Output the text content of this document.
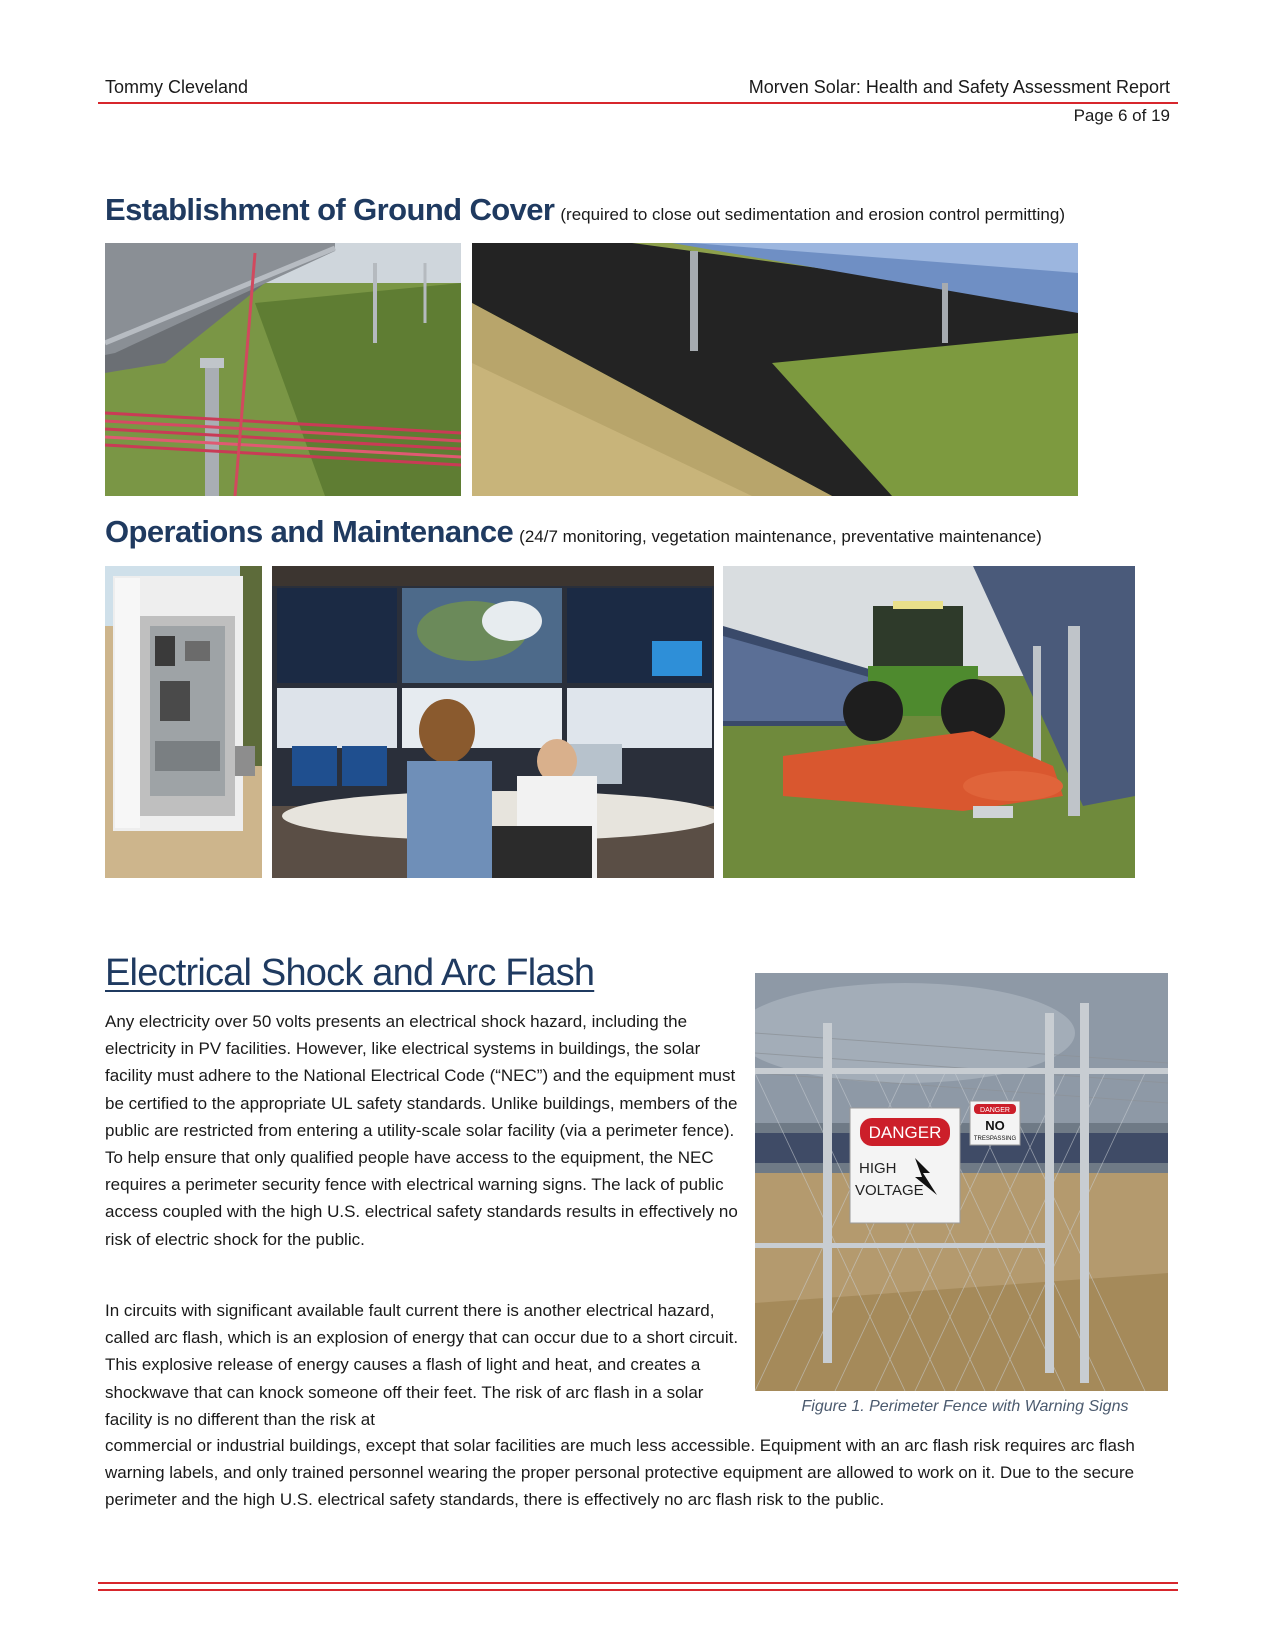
Tommy Cleveland	Morven Solar: Health and Safety Assessment Report
Page 6 of 19
Establishment of Ground Cover (required to close out sedimentation and erosion control permitting)
Operations and Maintenance (24/7 monitoring, vegetation maintenance, preventative maintenance)
Electrical Shock and Arc Flash

Any electricity over 50 volts presents an electrical shock hazard, including the electricity in PV facilities. However, like electrical systems in buildings, the solar facility must adhere to the National Electrical Code (“NEC”) and the equipment must be certified to the appropriate UL safety standards. Unlike buildings, members of the public are restricted from entering a utility-scale solar facility (via a perimeter fence). To help ensure that only qualified people have access to the equipment, the NEC requires a perimeter security fence with electrical warning signs. The lack of public access coupled with the high U.S. electrical safety standards results in effectively no risk of electric shock for the public.

In circuits with significant available fault current there is another electrical hazard, called arc flash, which is an explosion of energy that can occur due to a short circuit. This explosive release of energy causes a flash of light and heat, and creates a shockwave that can knock someone off their feet. The risk of arc flash in a solar facility is no different than the risk at

commercial or industrial buildings, except that solar facilities are much less accessible. Equipment with an arc flash risk requires arc flash warning labels, and only trained personnel wearing the proper personal protective equipment are allowed to work on it. Due to the secure perimeter and the high U.S. electrical safety standards, there is effectively no arc flash risk to the public.

DANGER
HIGH
VOLTAGE
DANGER
NO
TRESPASSING
Figure 1. Perimeter Fence with Warning Signs
